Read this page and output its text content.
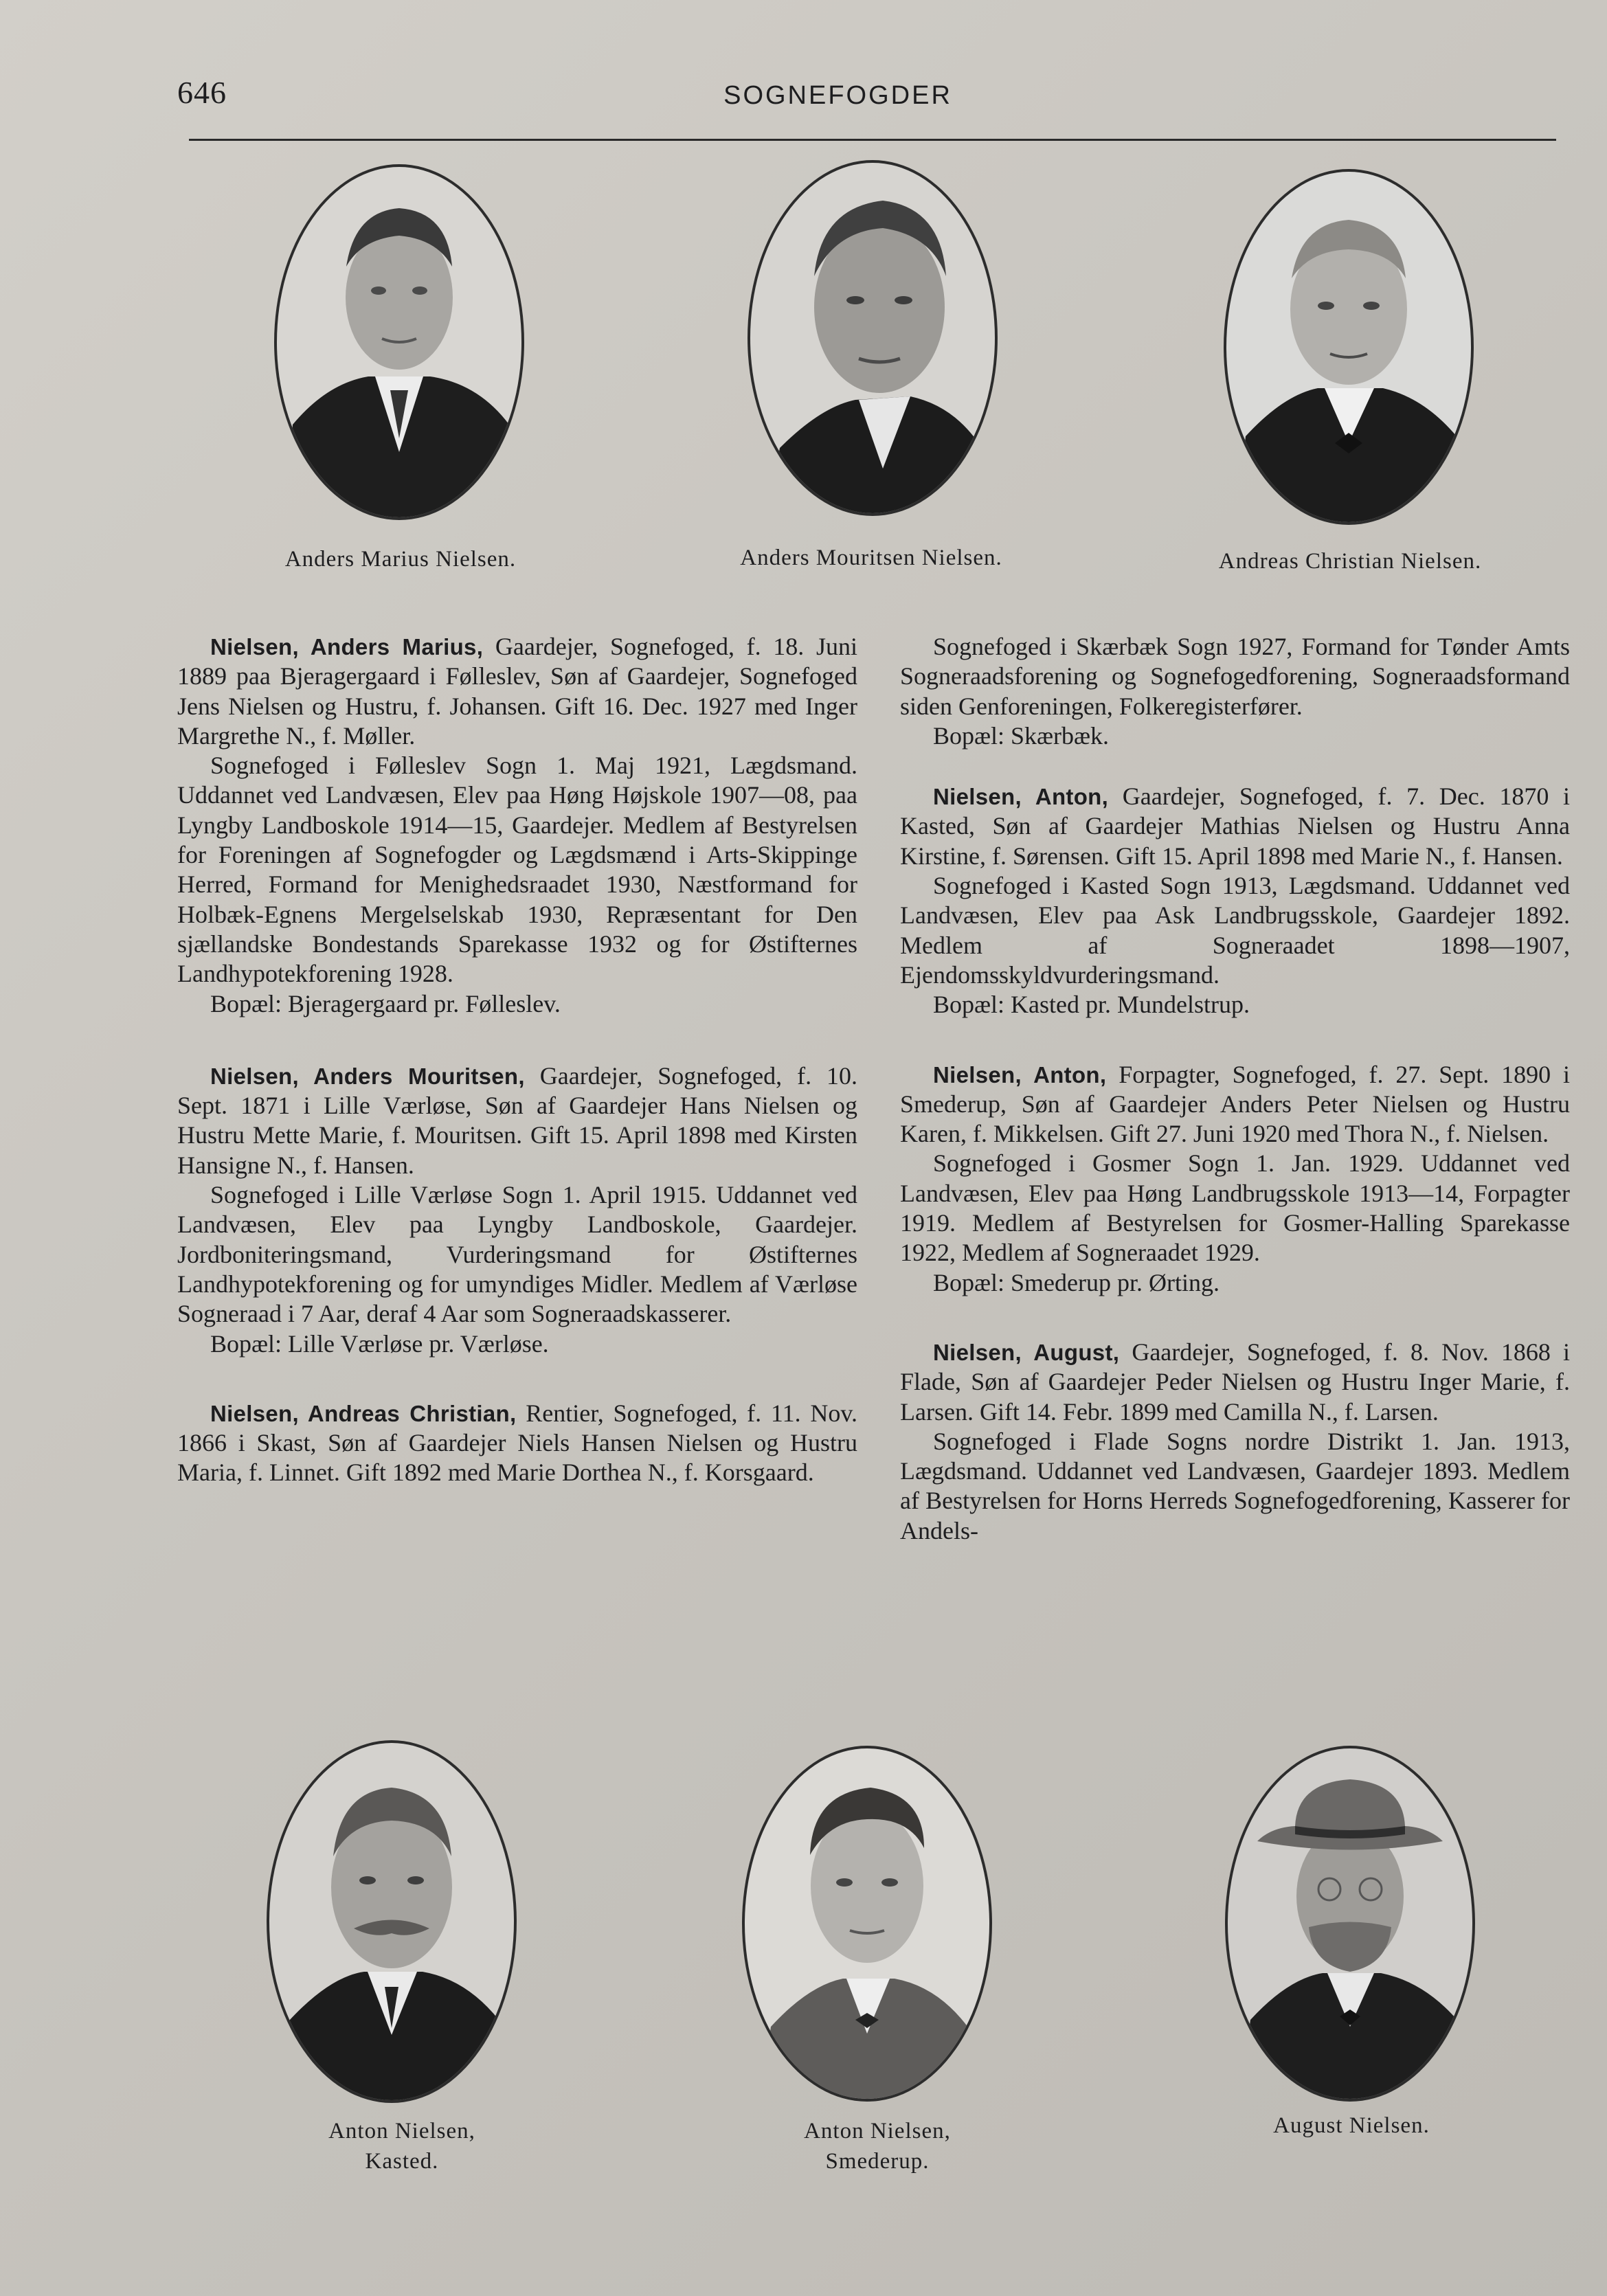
646	SOGNEFOGDER
Anders Marius Nielsen.	Anders Mouritsen Nielsen.	Andreas Christian Nielsen.

Nielsen, Anders Marius, Gaardejer, Sognefoged, f. 18. Juni 1889 paa Bjeragergaard i Følleslev, Søn af Gaardejer, Sognefoged Jens Nielsen og Hustru, f. Johansen. Gift 16. Dec. 1927 med Inger Margrethe N., f. Møller.

Sognefoged i Følleslev Sogn 1. Maj 1921, Lægdsmand. Uddannet ved Landvæsen, Elev paa Høng Højskole 1907—08, paa Lyngby Landboskole 1914—15, Gaardejer. Medlem af Bestyrelsen for Foreningen af Sognefogder og Lægdsmænd i Arts-Skippinge Herred, Formand for Menighedsraadet 1930, Næstformand for Holbæk-Egnens Mergelselskab 1930, Repræsentant for Den sjællandske Bondestands Sparekasse 1932 og for Østifternes Landhypotekforening 1928.

Bopæl: Bjeragergaard pr. Følleslev.

Nielsen, Anders Mouritsen, Gaardejer, Sognefoged, f. 10. Sept. 1871 i Lille Værløse, Søn af Gaardejer Hans Nielsen og Hustru Mette Marie, f. Mouritsen. Gift 15. April 1898 med Kirsten Hansigne N., f. Hansen.

Sognefoged i Lille Værløse Sogn 1. April 1915. Uddannet ved Landvæsen, Elev paa Lyngby Landboskole, Gaardejer. Jordboniteringsmand, Vurderingsmand for Østifternes Landhypotekforening og for umyndiges Midler. Medlem af Værløse Sogneraad i 7 Aar, deraf 4 Aar som Sogneraadskasserer.

Bopæl: Lille Værløse pr. Værløse.

Nielsen, Andreas Christian, Rentier, Sognefoged, f. 11. Nov. 1866 i Skast, Søn af Gaardejer Niels Hansen Nielsen og Hustru Maria, f. Linnet. Gift 1892 med Marie Dorthea N., f. Korsgaard.

Sognefoged i Skærbæk Sogn 1927, Formand for Tønder Amts Sogneraadsforening og Sognefogedforening, Sogneraadsformand siden Genforeningen, Folkeregisterfører.

Bopæl: Skærbæk.

Nielsen, Anton, Gaardejer, Sognefoged, f. 7. Dec. 1870 i Kasted, Søn af Gaardejer Mathias Nielsen og Hustru Anna Kirstine, f. Sørensen. Gift 15. April 1898 med Marie N., f. Hansen.

Sognefoged i Kasted Sogn 1913, Lægdsmand. Uddannet ved Landvæsen, Elev paa Ask Landbrugsskole, Gaardejer 1892. Medlem af Sogneraadet 1898—1907, Ejendomsskyldvurderingsmand.

Bopæl: Kasted pr. Mundelstrup.

Nielsen, Anton, Forpagter, Sognefoged, f. 27. Sept. 1890 i Smederup, Søn af Gaardejer Anders Peter Nielsen og Hustru Karen, f. Mikkelsen. Gift 27. Juni 1920 med Thora N., f. Nielsen.

Sognefoged i Gosmer Sogn 1. Jan. 1929. Uddannet ved Landvæsen, Elev paa Høng Landbrugsskole 1913—14, Forpagter 1919. Medlem af Bestyrelsen for Gosmer-Halling Sparekasse 1922, Medlem af Sogneraadet 1929.

Bopæl: Smederup pr. Ørting.

Nielsen, August, Gaardejer, Sognefoged, f. 8. Nov. 1868 i Flade, Søn af Gaardejer Peder Nielsen og Hustru Inger Marie, f. Larsen. Gift 14. Febr. 1899 med Camilla N., f. Larsen.

Sognefoged i Flade Sogns nordre Distrikt 1. Jan. 1913, Lægdsmand. Uddannet ved Landvæsen, Gaardejer 1893. Medlem af Bestyrelsen for Horns Herreds Sognefogedforening, Kasserer for Andels-

Anton Nielsen,
Kasted.
Anton Nielsen,
Smederup.
August Nielsen.
